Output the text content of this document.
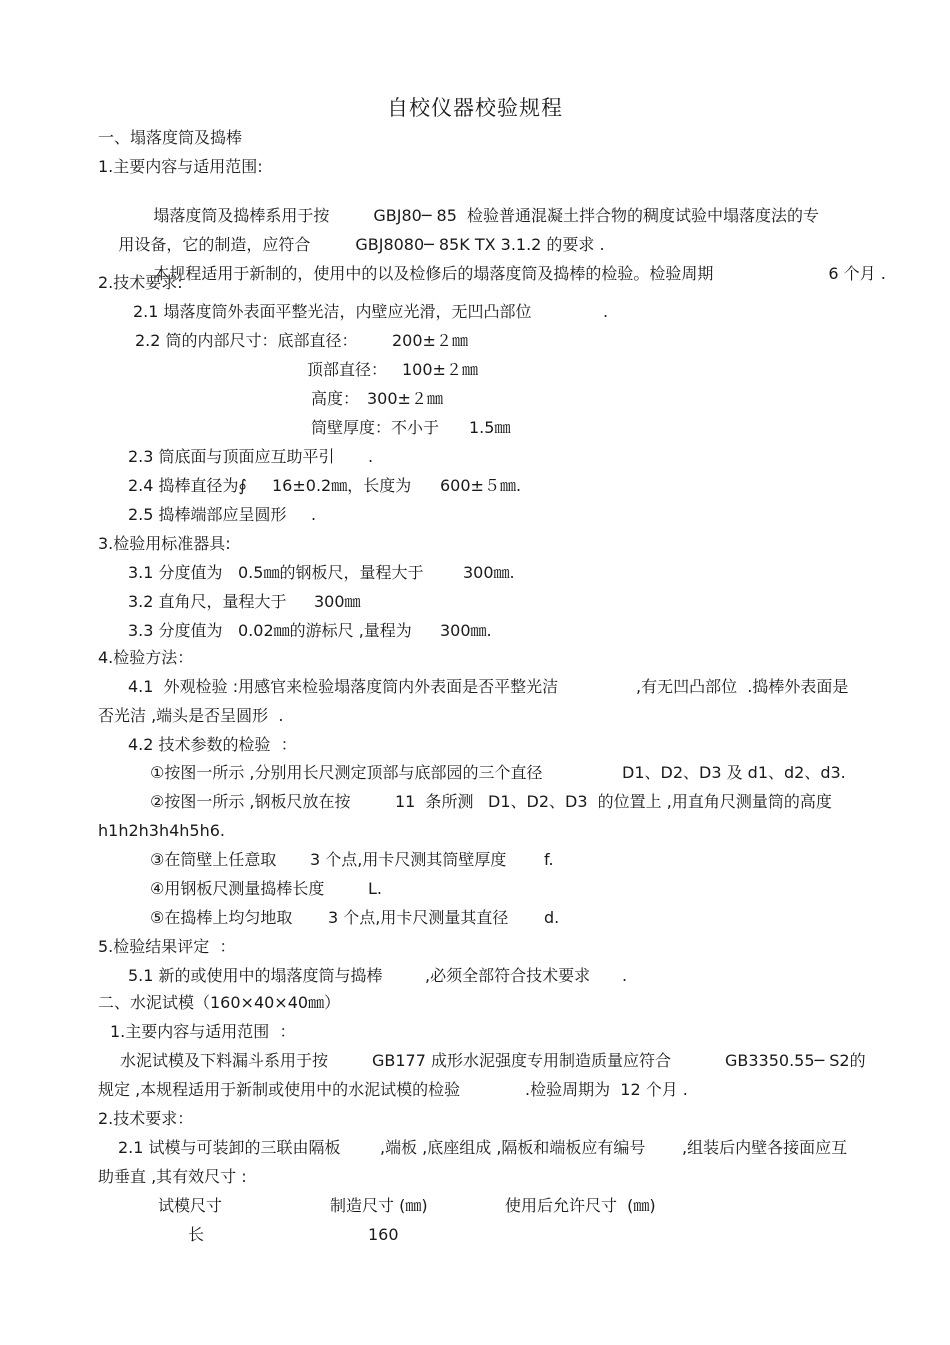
自校仪器校验规程
一、塌落度筒及捣棒
1.主要内容与适用范围:

塌落度筒及捣棒系用于按
	GBJ80─ 85  检验普通混凝土拌合物的稠度试验中塌落度法的专

用设备，它的制造，应符合
	GBJ8080─ 85K TX 3.1.2 的要求 .

本规程适用于新制的，使用中的以及检修后的塌落度筒及捣棒的检验。检验周期
	6 个月 .

2.技术要求:
2.1 塌落度筒外表面平整光洁，内壁应光滑，无凹凸部位	.
2.2 筒的内部尺寸：底部直径： 200±２㎜
顶部直径： 100±２㎜
高度： 300±２㎜
筒壁厚度：不小于 1.5㎜
2.3 筒底面与顶面应互助平引 .
2.4 捣棒直径为∮ 16±0.2㎜，长度为 600±５㎜.
2.5 捣棒端部应呈圆形 .
3.检验用标准器具:
3.1 分度值为 0.5㎜的钢板尺，量程大于 300㎜.
3.2 直角尺，量程大于 300㎜
3.3 分度值为 0.02㎜的游标尺 ,量程为 300㎜.
4.检验方法：
4.1  外观检验 :用感官来检验塌落度筒内外表面是否平整光洁	,有无凹凸部位  .捣棒外表面是
否光洁 ,端头是否呈圆形  .
4.2 技术参数的检验  ：
①按图一所示 ,分别用长尺测定顶部与底部园的三个直径	D1、D2、D3 及 d1、d2、d3.
②按图一所示 ,钢板尺放在按	11  条所测 D1、D2、D3  的位置上 ,用直角尺测量筒的高度
h1h2h3h4h5h6.
③在筒壁上任意取 3 个点,用卡尺测其筒壁厚度 f.
④用钢板尺测量捣棒长度	L.
⑤在捣棒上均匀地取 3 个点,用卡尺测量其直径 d.
5.检验结果评定  ：
5.1 新的或使用中的塌落度筒与捣棒	,必须全部符合技术要求 .
二、水泥试模（160×40×40㎜）
1.主要内容与适用范围  ：
水泥试模及下料漏斗系用于按	GB177 成形水泥强度专用制造质量应符合	GB3350.55─ S2的
规定 ,本规程适用于新制或使用中的水泥试模的检验	.检验周期为  12 个月 .
2.技术要求：
2.1 试模与可装卸的三联由隔板 ,端板 ,底座组成 ,隔板和端板应有编号 ,组装后内壁各接面应互
助垂直 ,其有效尺寸 :
试模尺寸	制造尺寸 (㎜)	使用后允许尺寸  (㎜)
长	160
